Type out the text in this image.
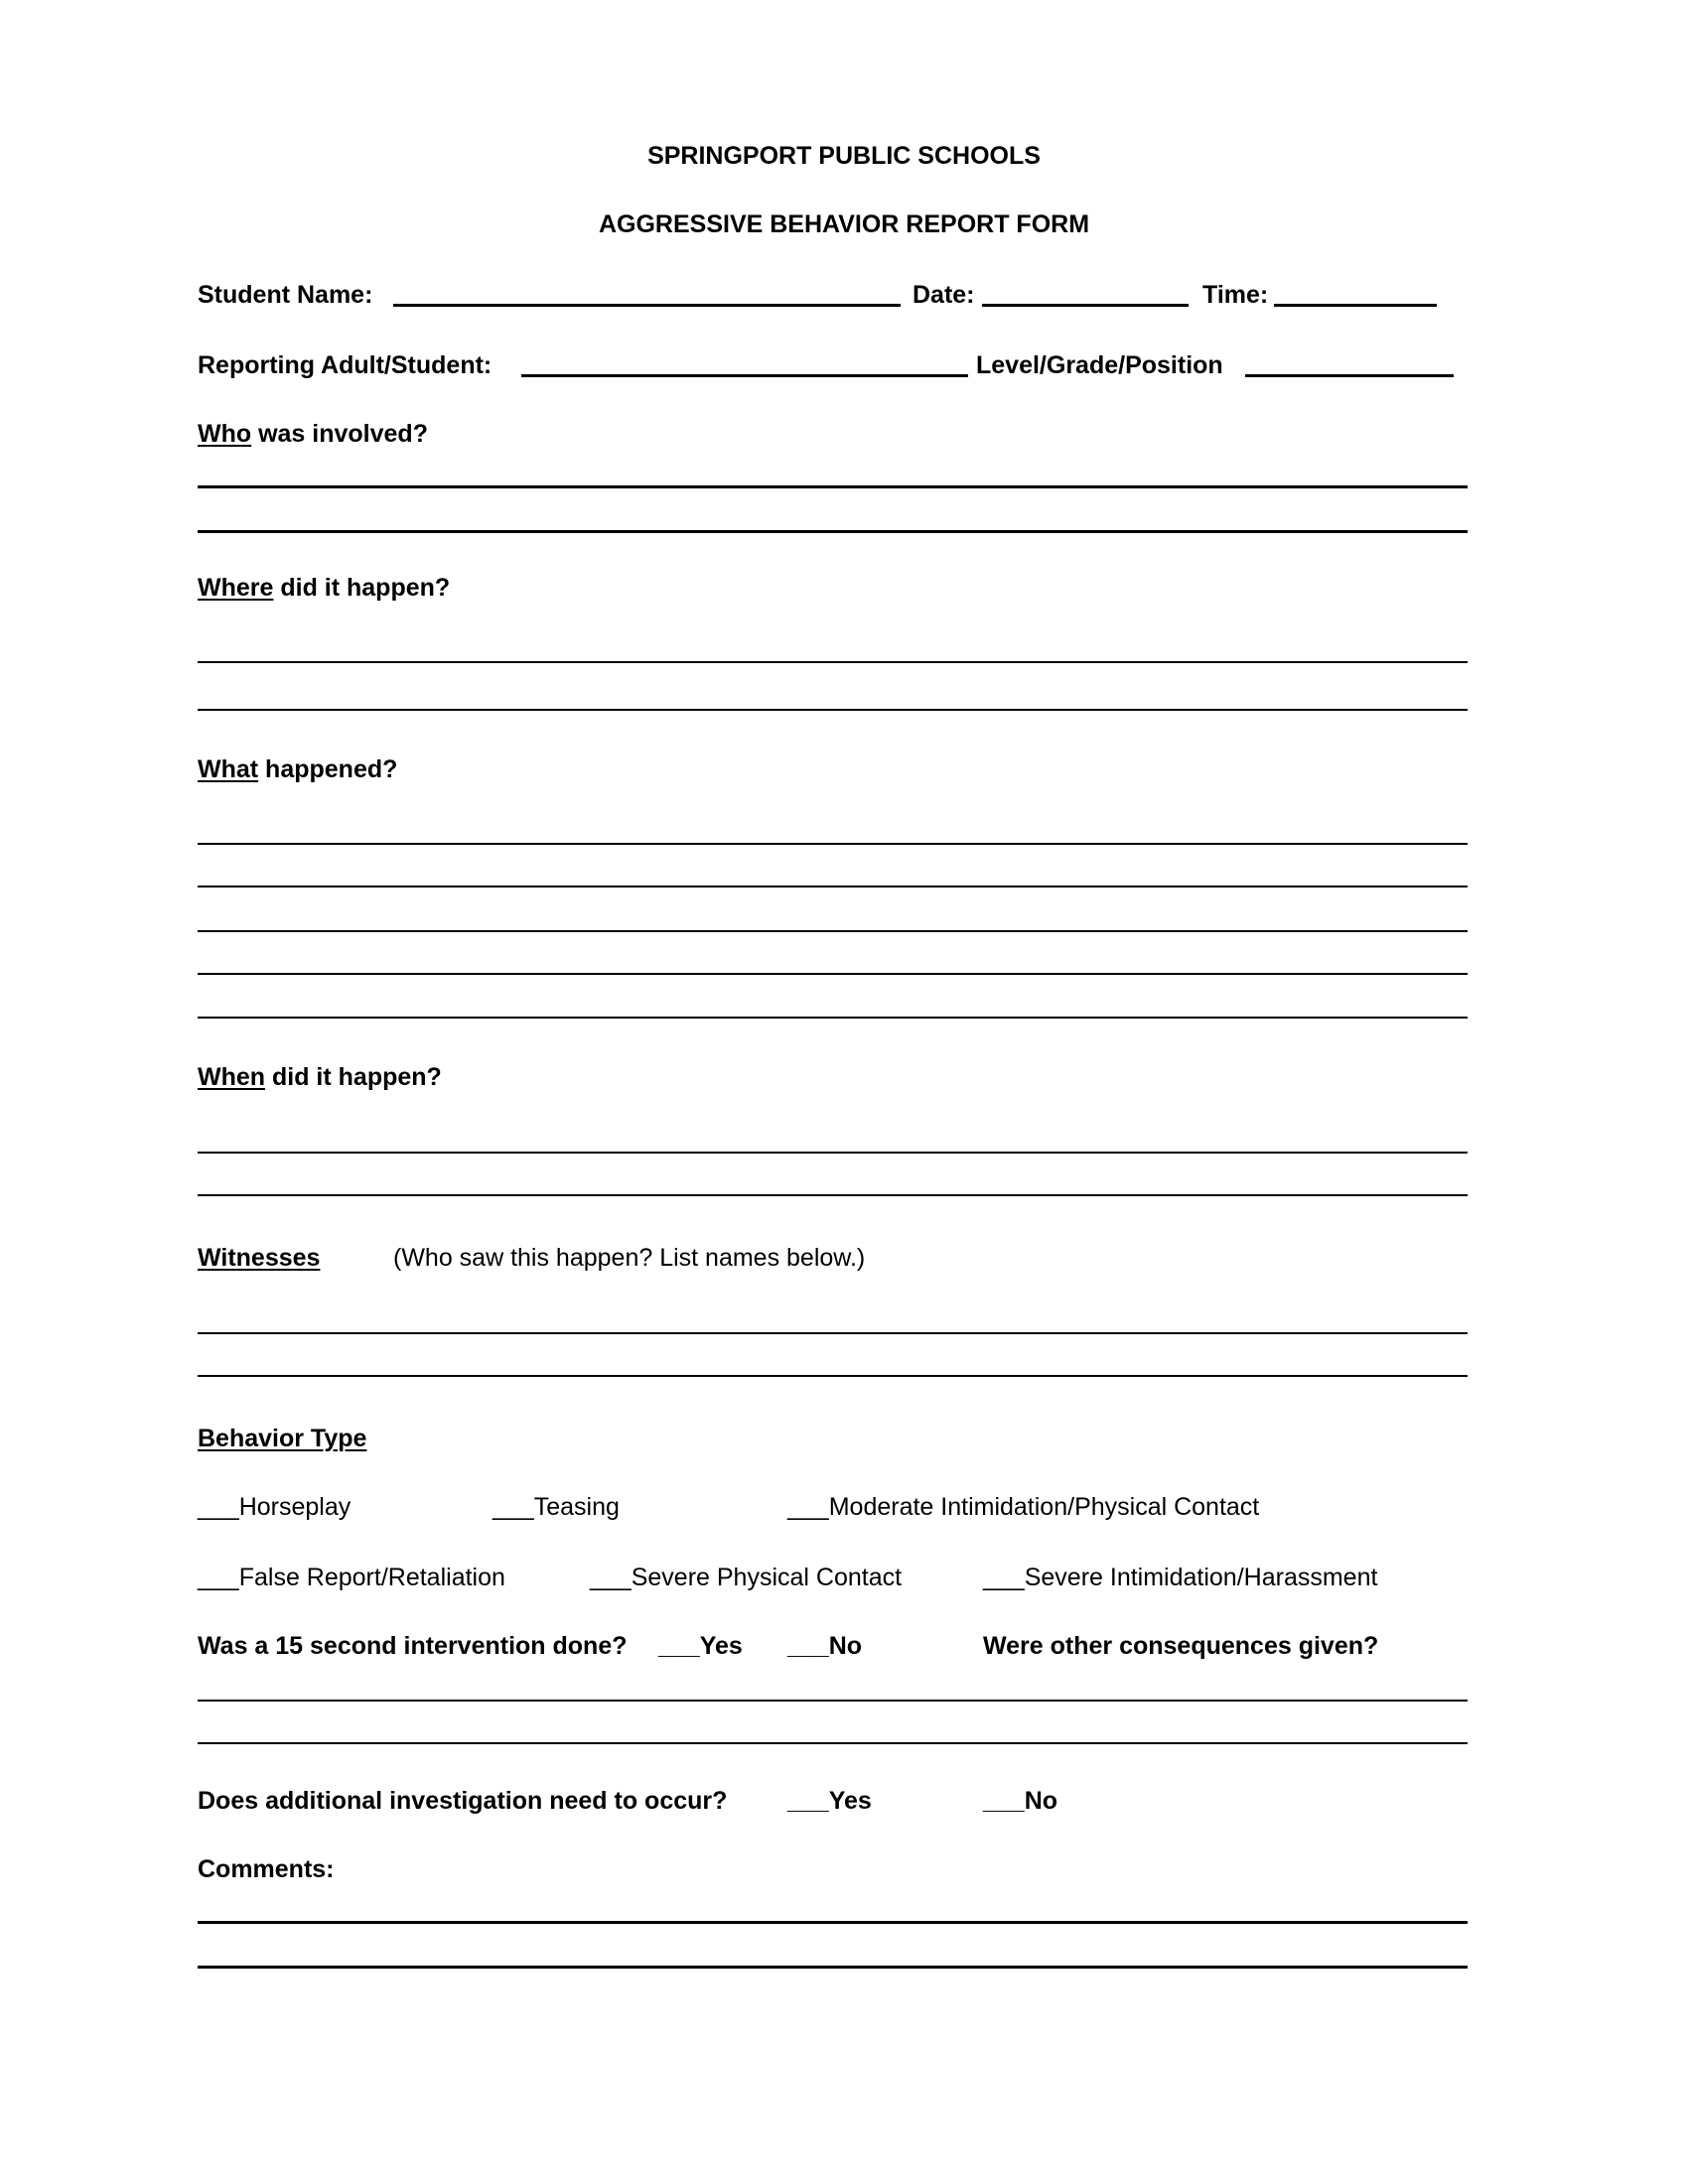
SPRINGPORT PUBLIC SCHOOLS
AGGRESSIVE BEHAVIOR REPORT FORM
Student Name:	Date:	Time:
Reporting Adult/Student:	Level/Grade/Position
Who was involved?
Where did it happen?
What happened?
When did it happen?
Witnesses	(Who saw this happen? List names below.)
Behavior Type
___Horseplay	___Teasing	___Moderate Intimidation/Physical Contact
___False Report/Retaliation	___Severe Physical Contact	___Severe Intimidation/Harassment
Was a 15 second intervention done? ___Yes ___No	Were other consequences given?
Does additional investigation need to occur? ___Yes	___No
Comments:
